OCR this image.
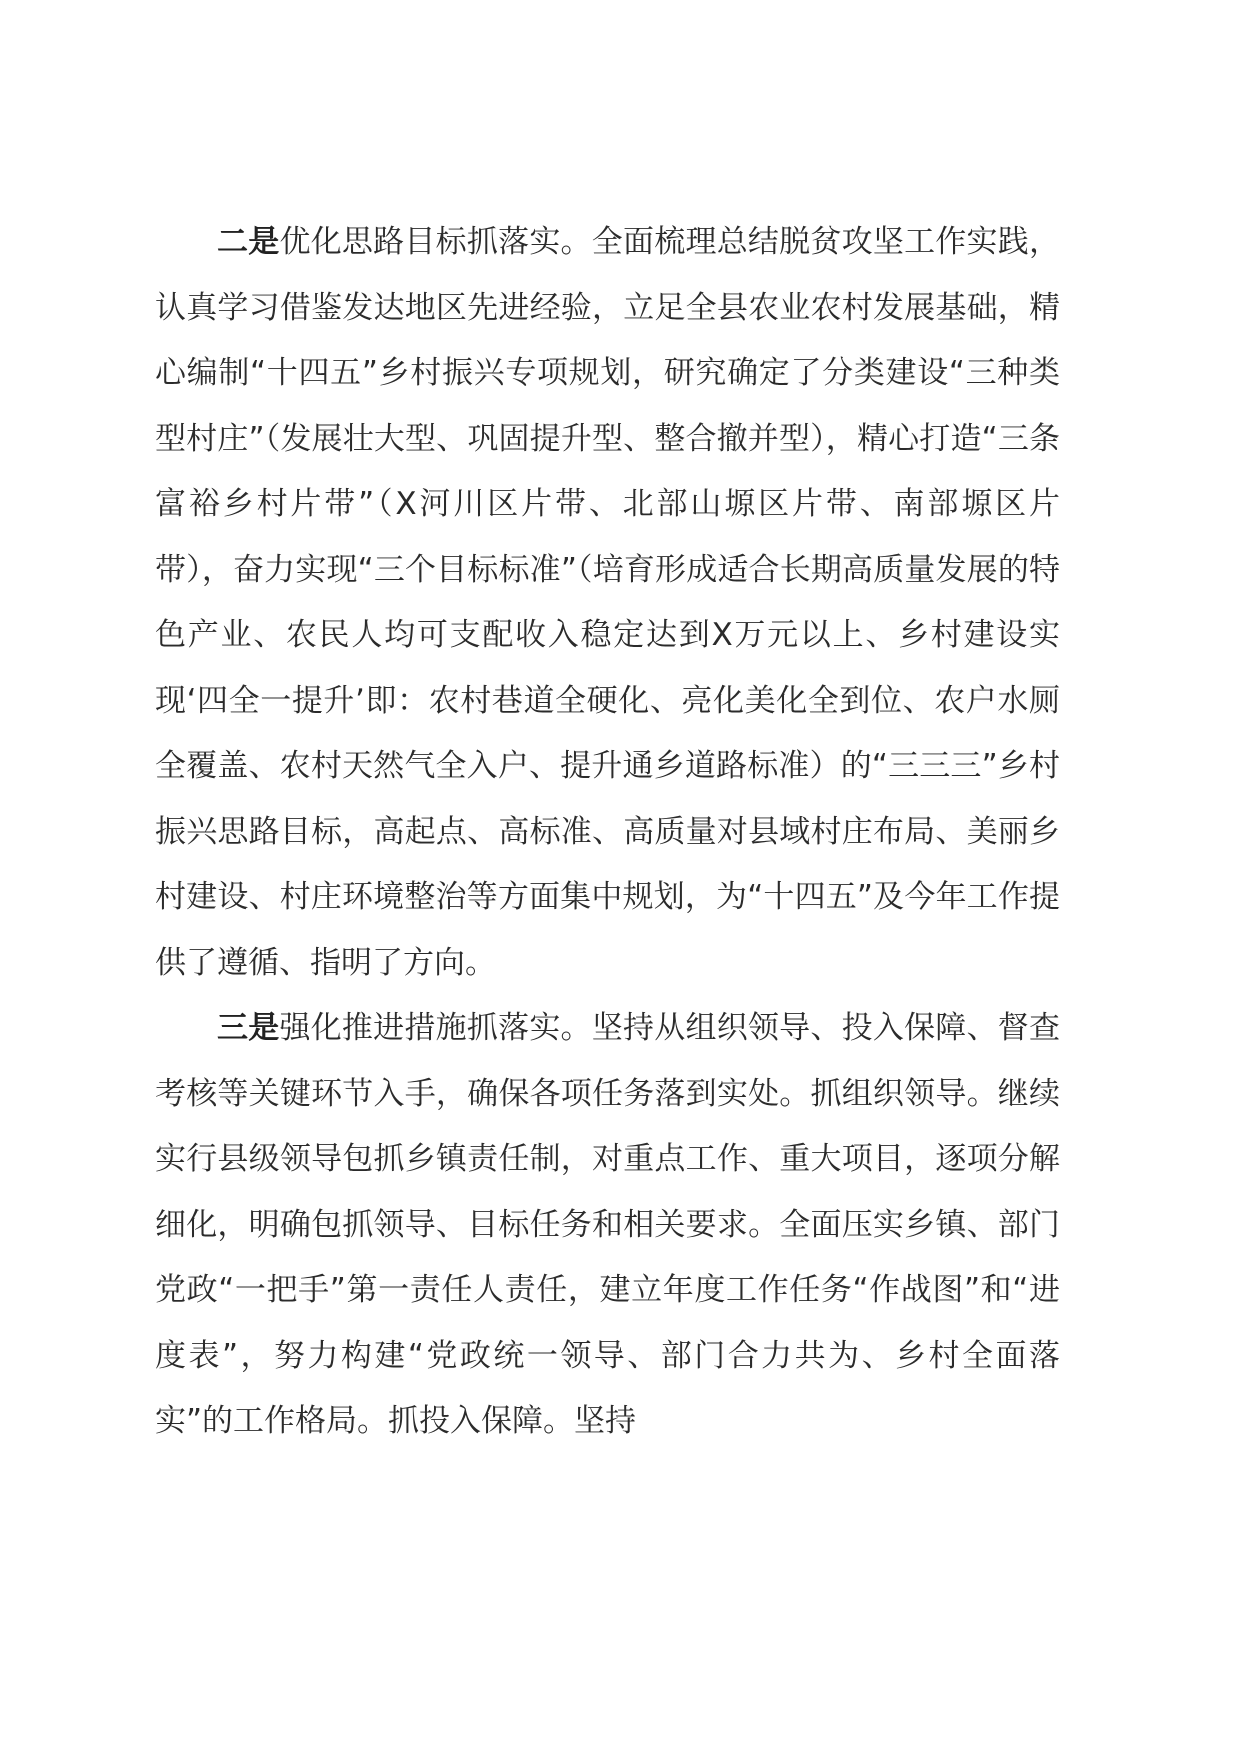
二是优化思路目标抓落实。全面梳理总结脱贫攻坚工作实践，认真学习借鉴发达地区先进经验，立足全县农业农村发展基础，精心编制“十四五”乡村振兴专项规划，研究确定了分类建设“三种类型村庄”（发展壮大型、巩固提升型、整合撤并型），精心打造“三条富裕乡村片带”（X河川区片带、北部山塬区片带、南部塬区片带），奋力实现“三个目标标准”（培育形成适合长期高质量发展的特色产业、农民人均可支配收入稳定达到X万元以上、乡村建设实现‘四全一提升’即：农村巷道全硬化、亮化美化全到位、农户水厕全覆盖、农村天然气全入户、提升通乡道路标准）的“三三三”乡村振兴思路目标，高起点、高标准、高质量对县域村庄布局、美丽乡村建设、村庄环境整治等方面集中规划，为“十四五”及今年工作提供了遵循、指明了方向。

三是强化推进措施抓落实。坚持从组织领导、投入保障、督查考核等关键环节入手，确保各项任务落到实处。抓组织领导。继续实行县级领导包抓乡镇责任制，对重点工作、重大项目，逐项分解细化，明确包抓领导、目标任务和相关要求。全面压实乡镇、部门党政“一把手”第一责任人责任，建立年度工作任务“作战图”和“进度表”，努力构建“党政统一领导、部门合力共为、乡村全面落实”的工作格局。抓投入保障。坚持
